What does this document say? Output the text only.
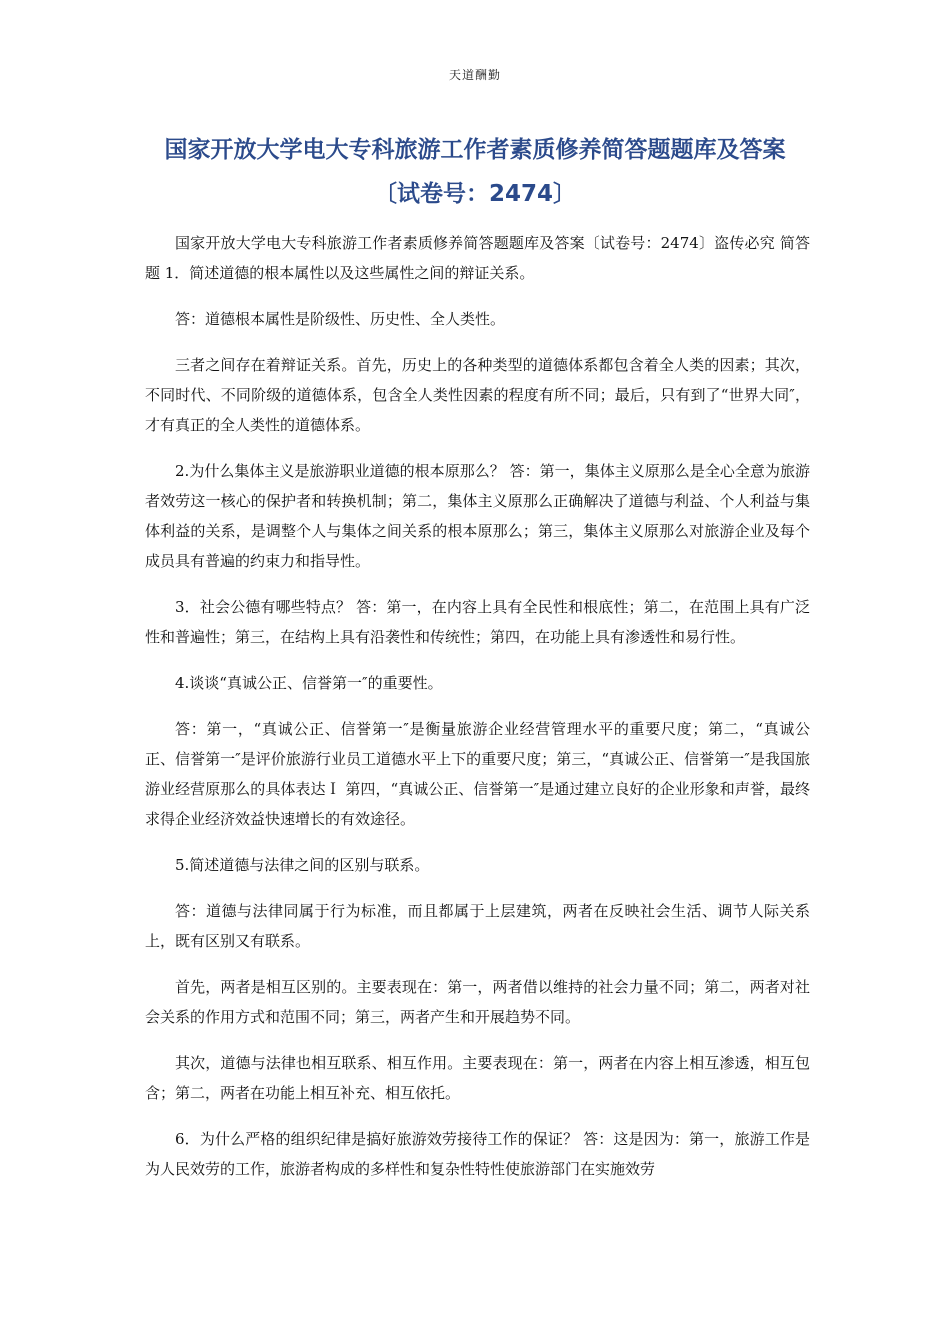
天道酬勤
国家开放大学电大专科旅游工作者素质修养简答题题库及答案
〔试卷号：2474〕

国家开放大学电大专科旅游工作者素质修养简答题题库及答案〔试卷号：2474〕盗传必究 简答题 1．简述道德的根本属性以及这些属性之间的辩证关系。

答：道德根本属性是阶级性、历史性、全人类性。

三者之间存在着辩证关系。首先，历史上的各种类型的道德体系都包含着全人类的因素；其次，不同时代、不同阶级的道德体系，包含全人类性因素的程度有所不同；最后，只有到了“世界大同″，才有真正的全人类性的道德体系。

2.为什么集体主义是旅游职业道德的根本原那么？ 答：第一，集体主义原那么是全心全意为旅游者效劳这一核心的保护者和转换机制；第二，集体主义原那么正确解决了道德与利益、个人利益与集体利益的关系，是调整个人与集体之间关系的根本原那么；第三，集体主义原那么对旅游企业及每个成员具有普遍的约束力和指导性。

3．社会公德有哪些特点？ 答：第一，在内容上具有全民性和根底性；第二，在范围上具有广泛性和普遍性；第三，在结构上具有沿袭性和传统性；第四，在功能上具有渗透性和易行性。

4.谈谈“真诚公正、信誉第一″的重要性。

答：第一，“真诚公正、信誉第一″是衡量旅游企业经营管理水平的重要尺度；第二，“真诚公正、信誉第一″是评价旅游行业员工道德水平上下的重要尺度；第三，“真诚公正、信誉第一″是我国旅游业经营原那么的具体表达Ｉ 第四，“真诚公正、信誉第一″是通过建立良好的企业形象和声誉，最终求得企业经济效益快速增长的有效途径。

5.简述道德与法律之间的区别与联系。

答：道德与法律同属于行为标准，而且都属于上层建筑，两者在反映社会生活、调节人际关系上，既有区别又有联系。

首先，两者是相互区别的。主要表现在：第一，两者借以维持的社会力量不同；第二，两者对社会关系的作用方式和范围不同；第三，两者产生和开展趋势不同。

其次，道德与法律也相互联系、相互作用。主要表现在：第一，两者在内容上相互渗透，相互包含；第二，两者在功能上相互补充、相互依托。

6．为什么严格的组织纪律是搞好旅游效劳接待工作的保证？ 答：这是因为：第一，旅游工作是为人民效劳的工作，旅游者构成的多样性和复杂性特性使旅游部门在实施效劳
